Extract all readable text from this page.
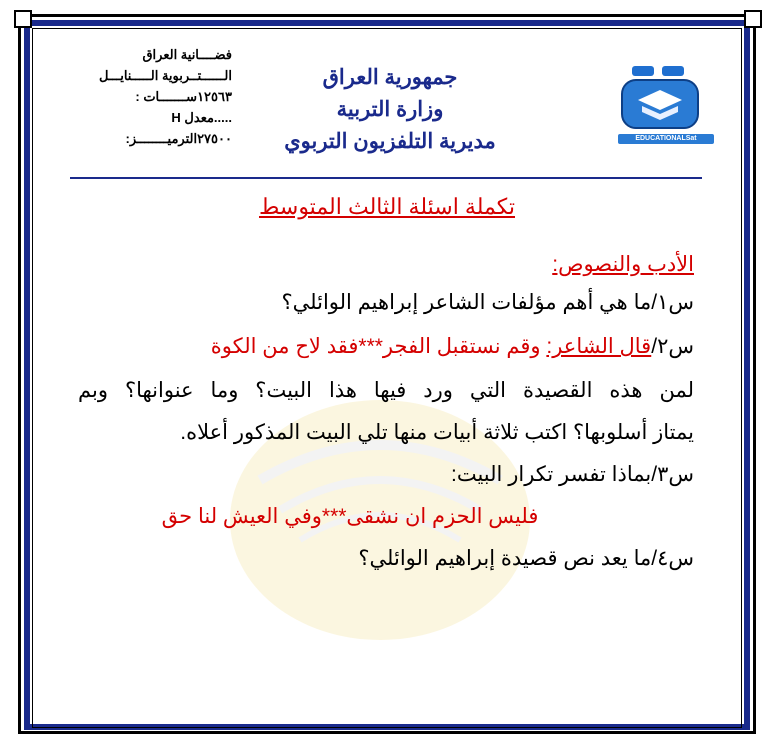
فضــــانية العراق
الــــــتــربوية الـــــنايـــل
١٢٥٦٣ســـــــات :
.....معدل H
٢٧٥٠٠الترميــــــــز:
جمهورية العراق
وزارة التربية
مديرية التلفزيون التربوي	EDUCATIONALSat
تكملة اسئلة الثالث المتوسط
الأدب والنصوص:
س١/ما هي أهم مؤلفات الشاعر إبراهيم الوائلي؟
س٢/قال الشاعر: وقم نستقبل الفجر***فقد لاح من الكوة
لمن هذه القصيدة التي ورد فيها هذا البيت؟ وما عنوانها؟ وبم
يمتاز أسلوبها؟ اكتب ثلاثة أبيات منها تلي البيت المذكور أعلاه.
س٣/بماذا تفسر تكرار البيت:
فليس الحزم ان نشقى***وفي العيش لنا حق
س٤/ما يعد نص قصيدة إبراهيم الوائلي؟
